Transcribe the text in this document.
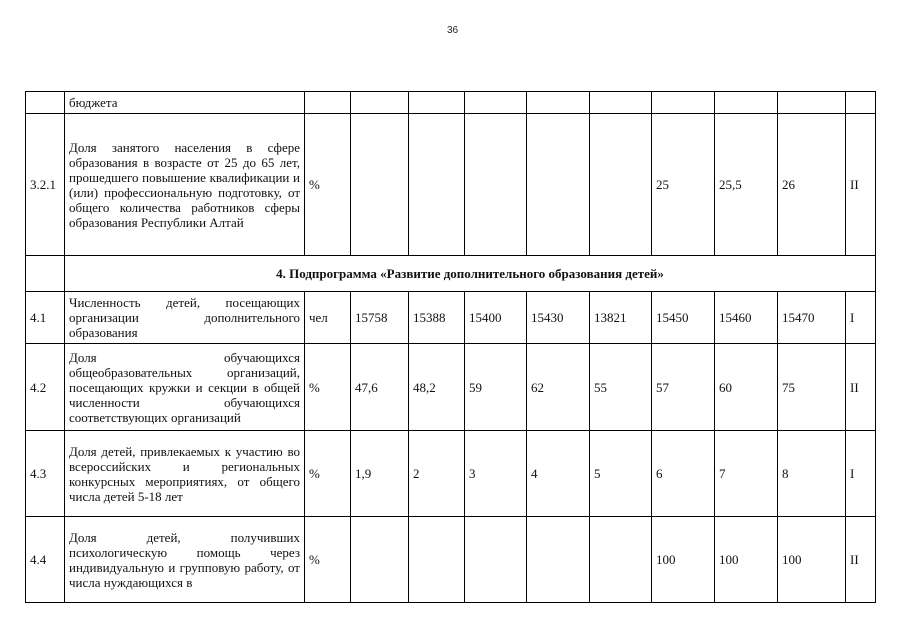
36
	бюджета										
3.2.1	Доля занятого населения в сфере образования в возрасте от 25 до 65 лет, прошедшего повышение квалификации и (или) профессиональную подготовку, от общего количества работников сферы образования Республики Алтай	%						25	25,5	26	II
	4. Подпрограмма «Развитие дополнительного образования детей»										
4.1	Численность детей, посещающих организации дополнительного образования	чел	15758	15388	15400	15430	13821	15450	15460	15470	I
4.2	Доля обучающихся общеобразовательных организаций, посещающих кружки и секции в общей численности обучающихся соответствующих организаций	%	47,6	48,2	59	62	55	57	60	75	II
4.3	Доля детей, привлекаемых к участию во всероссийских и региональных конкурсных мероприятиях, от общего числа детей 5-18 лет	%	1,9	2	3	4	5	6	7	8	I
4.4	Доля детей, получивших психологическую помощь через индивидуальную и групповую работу, от числа нуждающихся в	%						100	100	100	II
